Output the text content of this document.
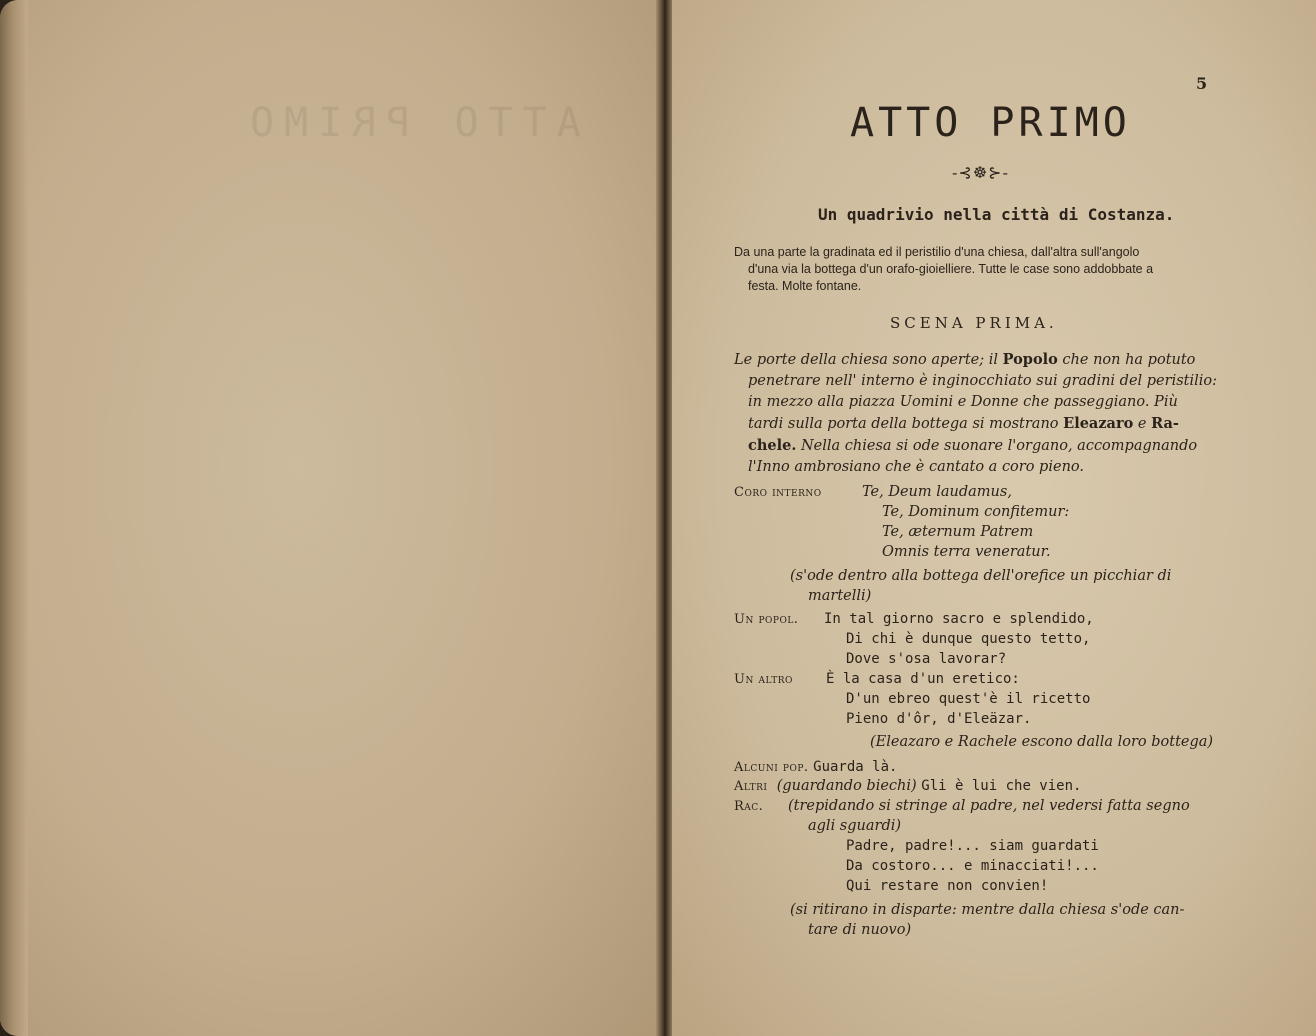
ATTO PRIMO
5
ATTO PRIMO
-⊰☸⊱-
Un quadrivio nella città di Costanza.
Da una parte la gradinata ed il peristilio d'una chiesa, dall'altra sull'angolo
d'una via la bottega d'un orafo-gioielliere. Tutte le case sono addobbate a
festa. Molte fontane.
SCENA PRIMA.
Le porte della chiesa sono aperte; il Popolo che non ha potuto
penetrare nell' interno è inginocchiato sui gradini del peristilio:
in mezzo alla piazza Uomini e Donne che passeggiano. Più
tardi sulla porta della bottega si mostrano Eleazaro e Ra-
chele. Nella chiesa si ode suonare l'organo, accompagnando
l'Inno ambrosiano che è cantato a coro pieno.
Coro interno	Te, Deum laudamus,
Te, Dominum confitemur:
Te, æternum Patrem
Omnis terra veneratur.
(s'ode dentro alla bottega dell'orefice un picchiar di
martelli)
Un popol. In tal giorno sacro e splendido,
Di chi è dunque questo tetto,
Dove s'osa lavorar?
Un altro È la casa d'un eretico:
D'un ebreo quest'è il ricetto
Pieno d'ôr, d'Eleäzar.
(Eleazaro e Rachele escono dalla loro bottega)
Alcuni pop. Guarda là.
Altri (guardando biechi) Gli è lui che vien.
Rac. (trepidando si stringe al padre, nel vedersi fatta segno
agli sguardi)
Padre, padre!... siam guardati
Da costoro... e minacciati!...
Qui restare non convien!
(si ritirano in disparte: mentre dalla chiesa s'ode can-
tare di nuovo)
